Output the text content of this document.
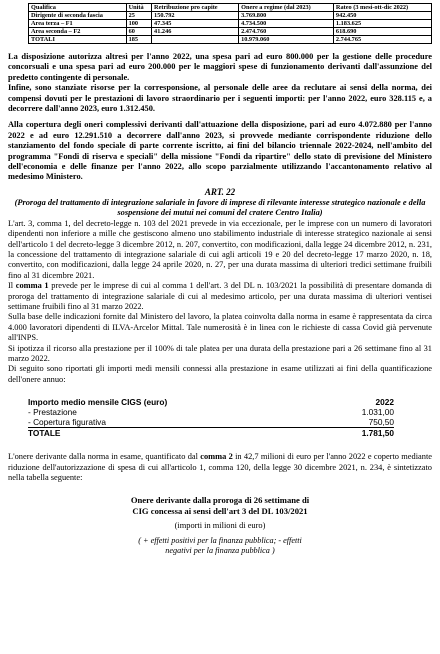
Qualifica	Unità	Retribuzione pro capite	Onere a regime (dal 2023)	Rateo (3 mesi-ott-dic 2022)
Dirigente di seconda fascia	25	150.792	3.769.800	942.450
Area terza – F1	100	47.345	4.734.500	1.183.625
Area seconda – F2	60	41.246	2.474.760	618.690
TOTALI	185		10.979.060	2.744.765

La disposizione autorizza altresì per l'anno 2022, una spesa pari ad euro 800.000 per la gestione delle procedure concorsuali e una spesa pari ad euro 200.000 per le maggiori spese di funzionamento derivanti dall'assunzione del predetto contingente di personale.

Infine, sono stanziate risorse per la corresponsione, al personale delle aree da reclutare ai sensi della norma, dei compensi dovuti per le prestazioni di lavoro straordinario per i seguenti importi: per l'anno 2022, euro 328.115 e, a decorrere dall'anno 2023, euro 1.312.450.

Alla copertura degli oneri complessivi derivanti dall'attuazione della disposizione, pari ad euro 4.072.880 per l'anno 2022 e ad euro 12.291.510 a decorrere dall'anno 2023, si provvede mediante corrispondente riduzione dello stanziamento del fondo speciale di parte corrente iscritto, ai fini del bilancio triennale 2022-2024, nell'ambito del programma "Fondi di riserva e speciali" della missione "Fondi da ripartire" dello stato di previsione del Ministero dell'economia e delle finanze per l'anno 2022, allo scopo parzialmente utilizzando l'accantonamento relativo al medesimo Ministero.

ART. 22

(Proroga del trattamento di integrazione salariale in favore di imprese di rilevante interesse strategico nazionale e della sospensione dei mutui nei comuni del cratere Centro Italia)

L'art. 3, comma 1, del decreto-legge n. 103 del 2021 prevede in via eccezionale, per le imprese con un numero di lavoratori dipendenti non inferiore a mille che gestiscono almeno uno stabilimento industriale di interesse strategico nazionale ai sensi dell'articolo 1 del decreto-legge 3 dicembre 2012, n. 207, convertito, con modificazioni, dalla legge 24 dicembre 2012, n. 231, la concessione del trattamento di integrazione salariale di cui agli articoli 19 e 20 del decreto-legge 17 marzo 2020, n. 18, convertito, con modificazioni, dalla legge 24 aprile 2020, n. 27, per una durata massima di ulteriori tredici settimane fruibili fino al 31 dicembre 2021.

Il comma 1 prevede per le imprese di cui al comma 1 dell'art. 3 del DL n. 103/2021 la possibilità di presentare domanda di proroga del trattamento di integrazione salariale di cui al medesimo articolo, per una durata massima di ulteriori ventisei settimane fruibili fino al 31 marzo 2022.

Sulla base delle indicazioni fornite dal Ministero del lavoro, la platea coinvolta dalla norma in esame è rappresentata da circa 4.000 lavoratori dipendenti di ILVA-Arcelor Mittal. Tale numerosità è in linea con le richieste di cassa Covid già pervenute all'INPS.

Si ipotizza il ricorso alla prestazione per il 100% di tale platea per una durata della prestazione pari a 26 settimane fino al 31 marzo 2022.

Di seguito sono riportati gli importi medi mensili connessi alla prestazione in esame utilizzati ai fini della quantificazione dell'onere annuo:

Importo medio mensile CIGS (euro)	2022
- Prestazione	1.031,00
- Copertura figurativa	750,50
TOTALE	1.781,50

L'onere derivante dalla norma in esame, quantificato dal comma 2 in 42,7 milioni di euro per l'anno 2022 e coperto mediante riduzione dell'autorizzazione di spesa di cui all'articolo 1, comma 120, della legge 30 dicembre 2021, n. 234, è sintetizzato nella tabella seguente:

Onere derivante dalla proroga di 26 settimane di

CIG concessa ai sensi dell'art 3 del DL 103/2021

(importi in milioni di euro)

( + effetti positivi per la finanza pubblica; - effetti

negativi per la finanza pubblica )
